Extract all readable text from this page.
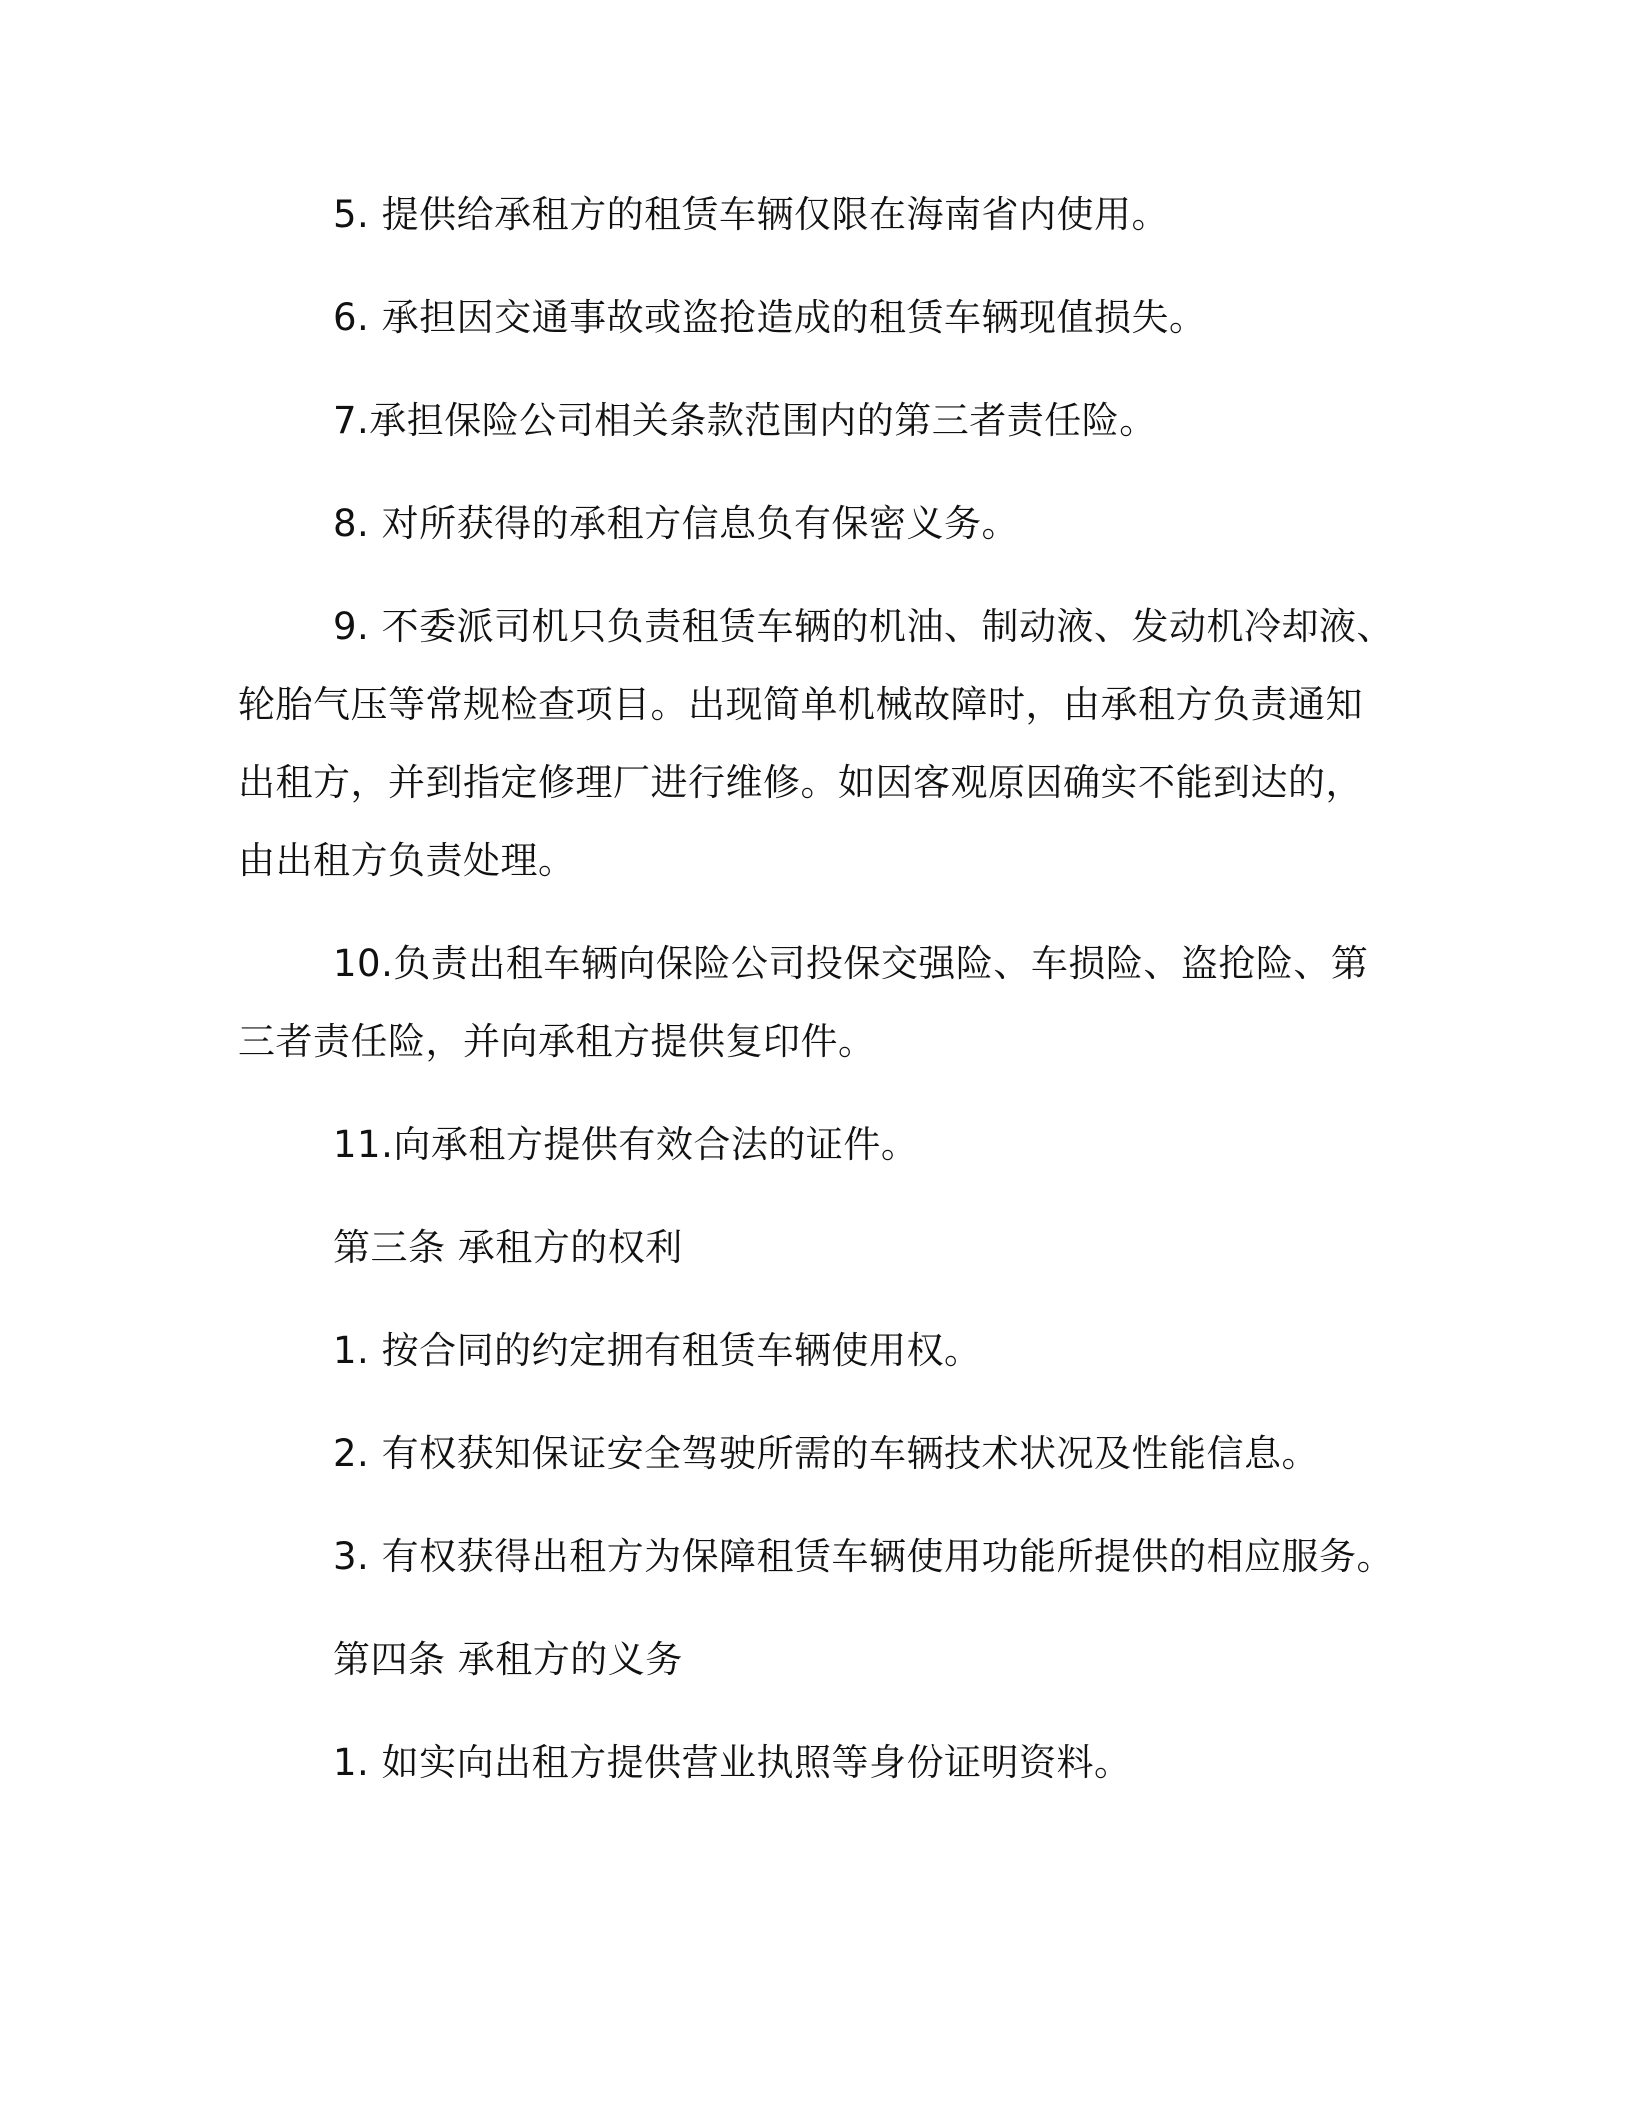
5. 提供给承租方的租赁车辆仅限在海南省内使用。
6. 承担因交通事故或盗抢造成的租赁车辆现值损失。
7.承担保险公司相关条款范围内的第三者责任险。
8. 对所获得的承租方信息负有保密义务。
9. 不委派司机只负责租赁车辆的机油、制动液、发动机冷却液、
轮胎气压等常规检查项目。出现简单机械故障时，由承租方负责通知
出租方，并到指定修理厂进行维修。如因客观原因确实不能到达的，
由出租方负责处理。
10.负责出租车辆向保险公司投保交强险、车损险、盗抢险、第
三者责任险，并向承租方提供复印件。
11.向承租方提供有效合法的证件。
第三条 承租方的权利
1. 按合同的约定拥有租赁车辆使用权。
2. 有权获知保证安全驾驶所需的车辆技术状况及性能信息。
3. 有权获得出租方为保障租赁车辆使用功能所提供的相应服务。
第四条 承租方的义务
1. 如实向出租方提供营业执照等身份证明资料。
